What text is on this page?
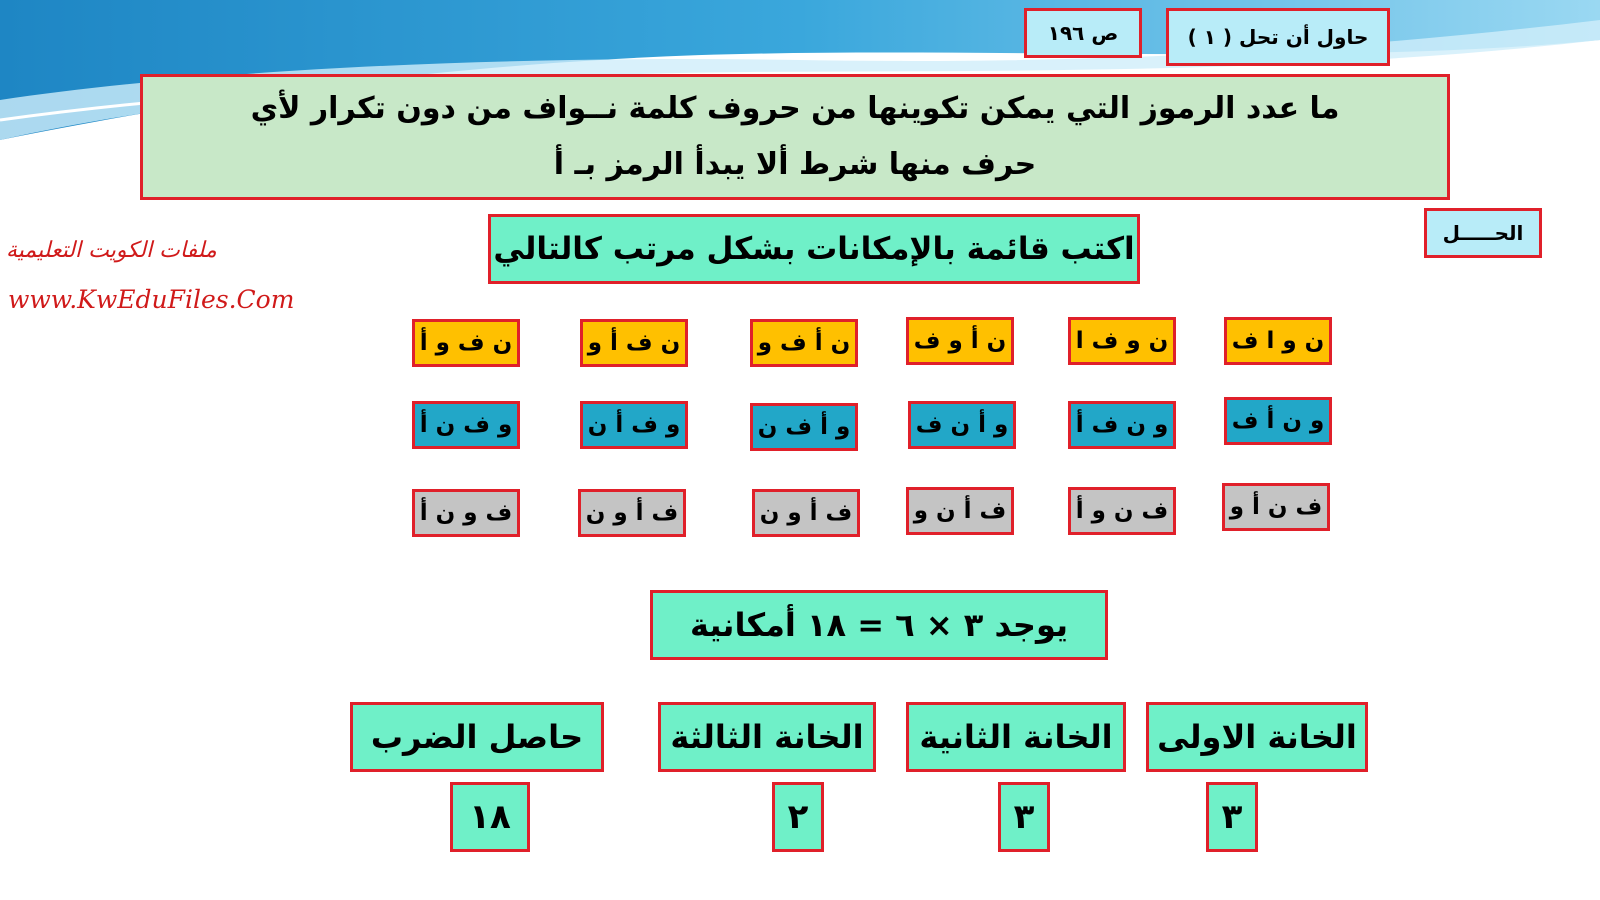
حاول أن تحل ( ١ )
ص ١٩٦
ما عدد الرموز التي يمكن تكوينها من حروف كلمة نــواف من دون تكرار لأي
حرف منها شرط ألا يبدأ الرمز بـ أ
الحـــــل
اكتب قائمة بالإمكانات بشكل مرتب كالتالي
ملفات الكويت التعليمية
www.KwEduFiles.Com
ن و ا ف
ن و ف ا
ن أ و ف
ن أ ف و
ن ف أ و
ن ف و أ
و ن أ ف
و ن ف أ
و أ ن ف
و أ ف ن
و ف أ ن
و ف ن أ
ف ن أ و
ف ن و أ
ف أ ن و
ف أ و ن
ف أ و ن
ف و ن أ
يوجد ٣ × ٦ = ١٨ أمكانية
الخانة الاولى
الخانة الثانية
الخانة الثالثة
حاصل الضرب
٣
٣
٢
١٨
